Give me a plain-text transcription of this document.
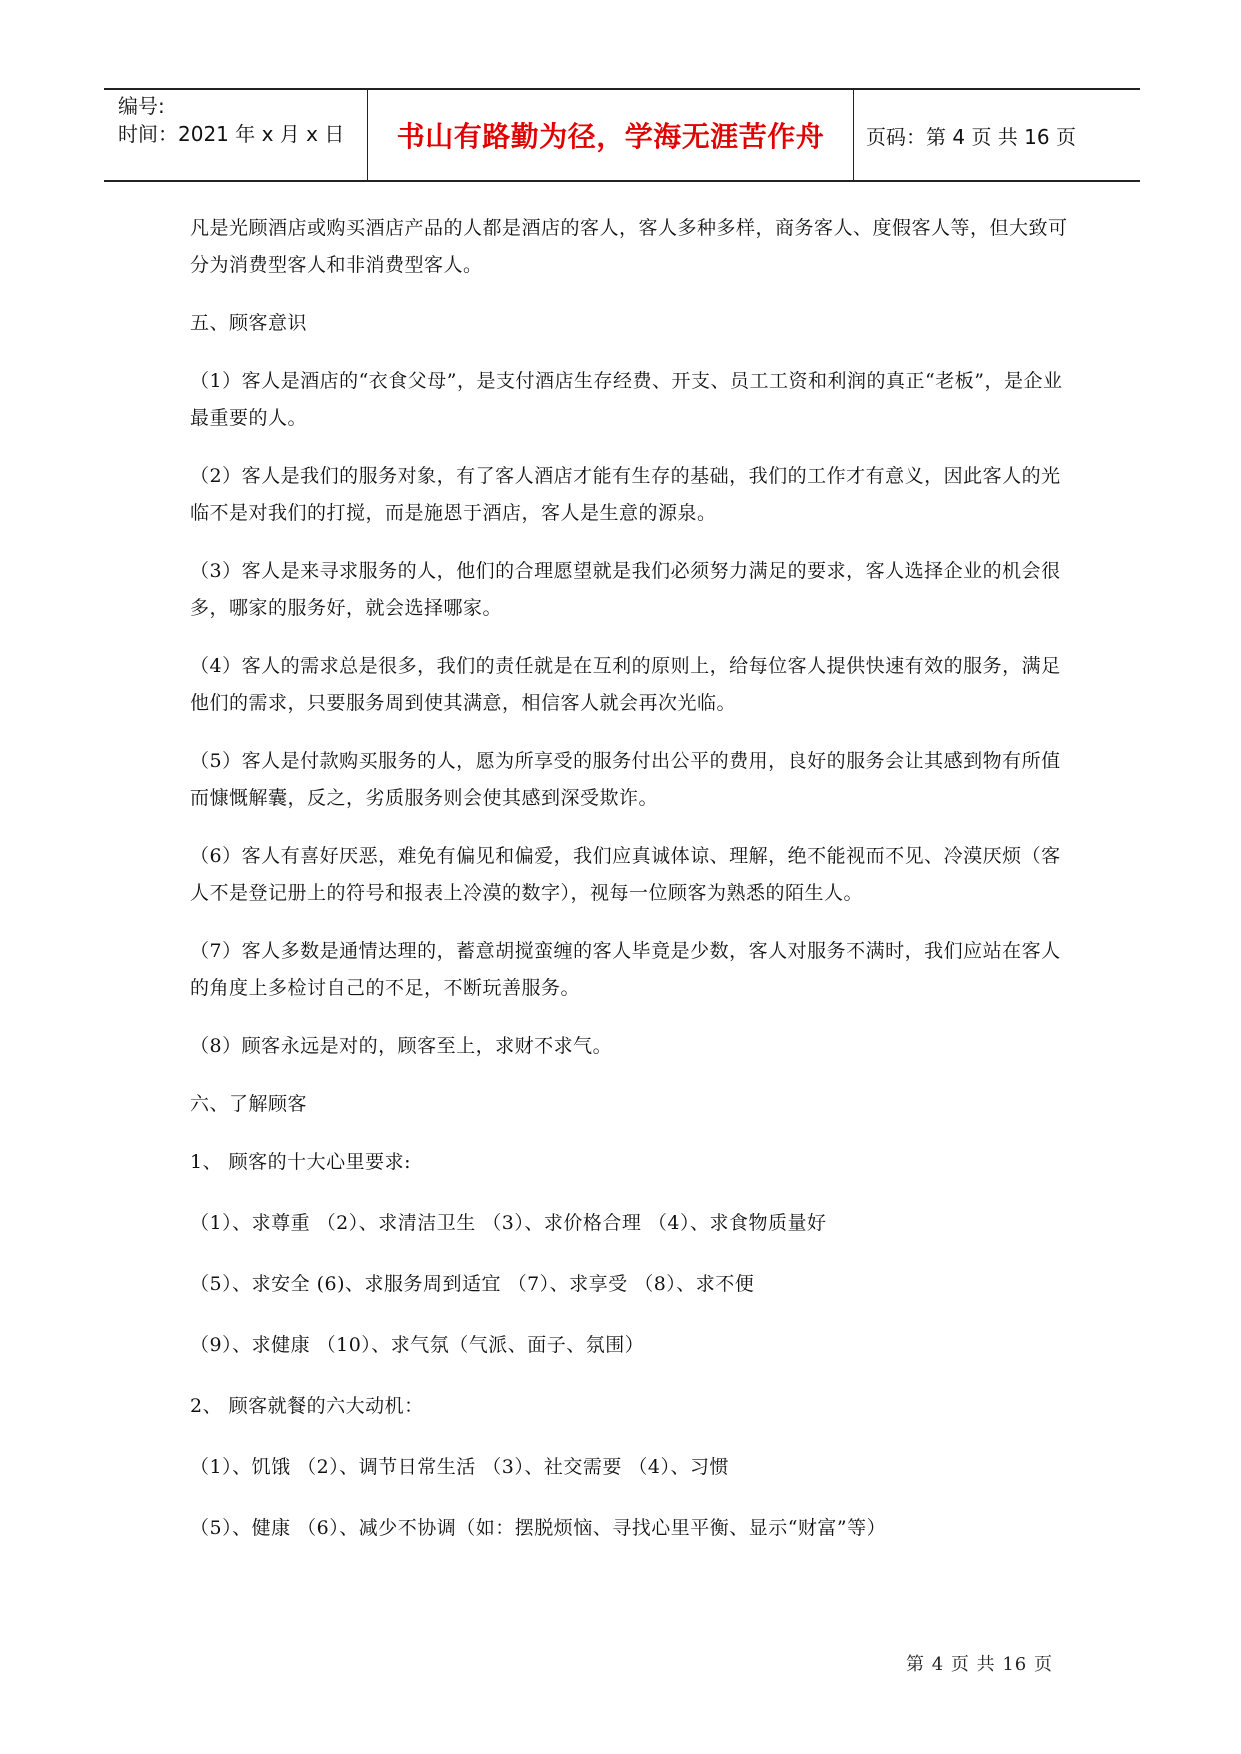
编号:
时间：2021 年 x 月 x 日 书山有路勤为径，学海无涯苦作舟 页码：第 4 页 共 16 页

凡是光顾酒店或购买酒店产品的人都是酒店的客人，客人多种多样，商务客人、度假客人等，但大致可分为消费型客人和非消费型客人。

五、顾客意识

（1）客人是酒店的“衣食父母”，是支付酒店生存经费、开支、员工工资和利润的真正“老板”，是企业最重要的人。

（2）客人是我们的服务对象，有了客人酒店才能有生存的基础，我们的工作才有意义，因此客人的光临不是对我们的打搅，而是施恩于酒店，客人是生意的源泉。

（3）客人是来寻求服务的人，他们的合理愿望就是我们必须努力满足的要求，客人选择企业的机会很多，哪家的服务好，就会选择哪家。

（4）客人的需求总是很多，我们的责任就是在互利的原则上，给每位客人提供快速有效的服务，满足他们的需求，只要服务周到使其满意，相信客人就会再次光临。

（5）客人是付款购买服务的人，愿为所享受的服务付出公平的费用，良好的服务会让其感到物有所值而慷慨解囊，反之，劣质服务则会使其感到深受欺诈。

（6）客人有喜好厌恶，难免有偏见和偏爱，我们应真诚体谅、理解，绝不能视而不见、冷漠厌烦（客人不是登记册上的符号和报表上冷漠的数字），视每一位顾客为熟悉的陌生人。

（7）客人多数是通情达理的，蓄意胡搅蛮缠的客人毕竟是少数，客人对服务不满时，我们应站在客人的角度上多检讨自己的不足，不断玩善服务。

（8）顾客永远是对的，顾客至上，求财不求气。

六、了解顾客

1、 顾客的十大心里要求:

（1）、求尊重 （2）、求清洁卫生 （3）、求价格合理 （4）、求食物质量好

（5）、求安全 (6)、求服务周到适宜 （7）、求享受 （8）、求不便

（9）、求健康 （10）、求气氛（气派、面子、氛围）

2、 顾客就餐的六大动机：

（1）、饥饿 （2）、调节日常生活 （3）、社交需要 （4）、习惯

（5）、健康 （6）、减少不协调（如：摆脱烦恼、寻找心里平衡、显示“财富”等）

第 4 页 共 16 页
